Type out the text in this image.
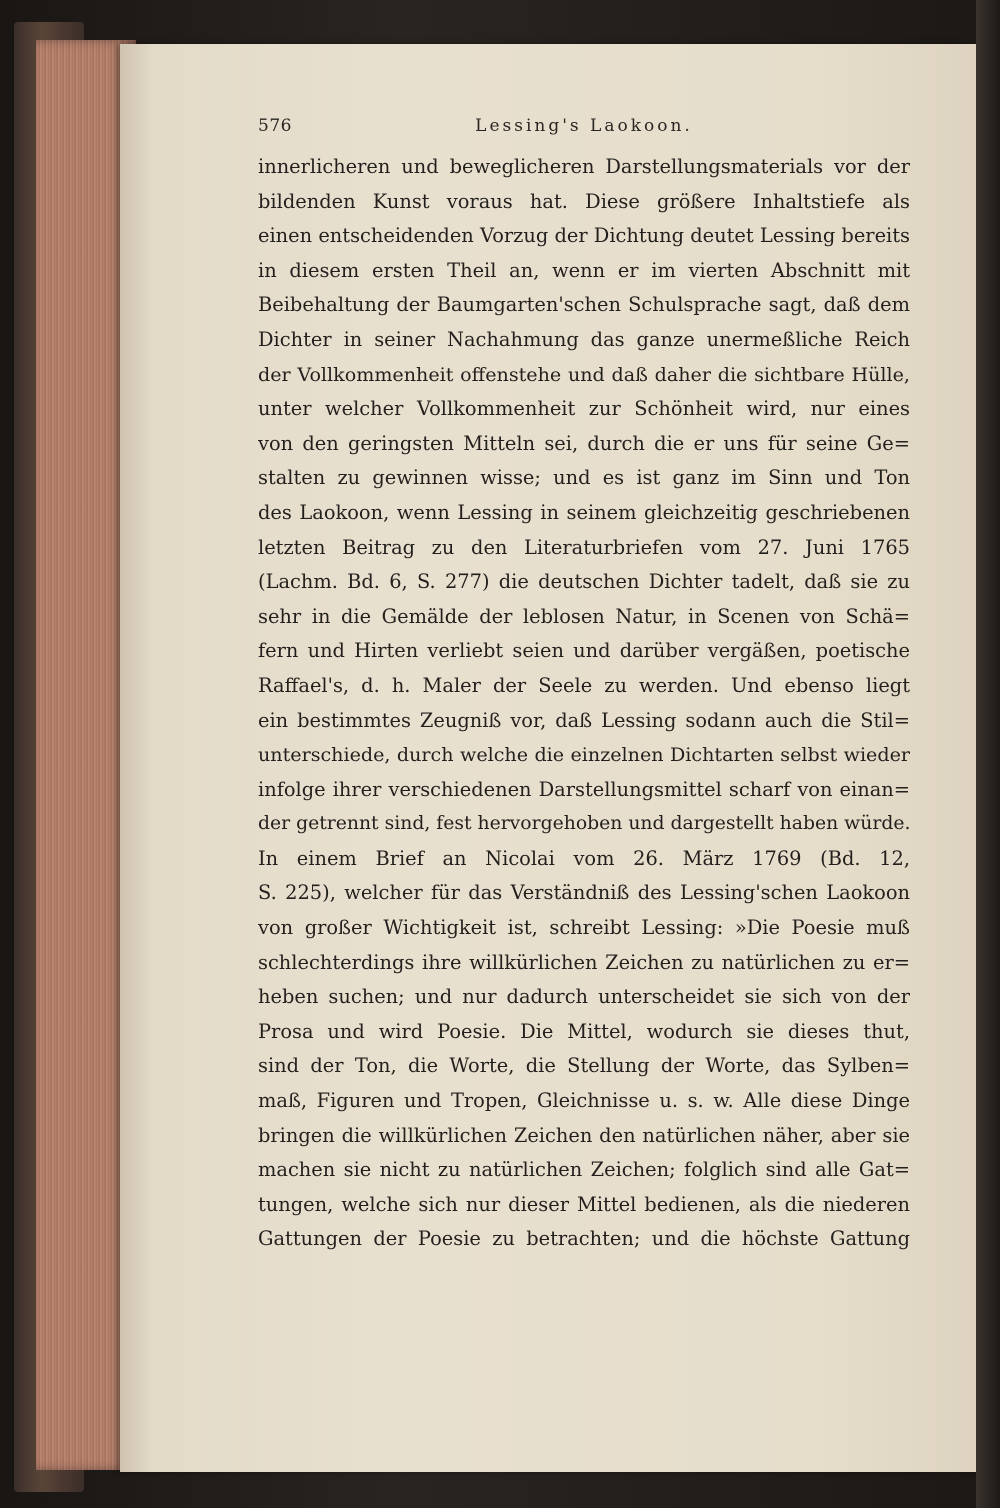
576	Lessing's Laokoon.
innerlicheren und beweglicheren Darstellungsmaterials vor der
bildenden Kunst voraus hat. Diese größere Inhaltstiefe als
einen entscheidenden Vorzug der Dichtung deutet Lessing bereits
in diesem ersten Theil an, wenn er im vierten Abschnitt mit
Beibehaltung der Baumgarten'schen Schulsprache sagt, daß dem
Dichter in seiner Nachahmung das ganze unermeßliche Reich
der Vollkommenheit offenstehe und daß daher die sichtbare Hülle,
unter welcher Vollkommenheit zur Schönheit wird, nur eines
von den geringsten Mitteln sei, durch die er uns für seine Ge=
stalten zu gewinnen wisse; und es ist ganz im Sinn und Ton
des Laokoon, wenn Lessing in seinem gleichzeitig geschriebenen
letzten Beitrag zu den Literaturbriefen vom 27. Juni 1765
(Lachm. Bd. 6, S. 277) die deutschen Dichter tadelt, daß sie zu
sehr in die Gemälde der leblosen Natur, in Scenen von Schä=
fern und Hirten verliebt seien und darüber vergäßen, poetische
Raffael's, d. h. Maler der Seele zu werden. Und ebenso liegt
ein bestimmtes Zeugniß vor, daß Lessing sodann auch die Stil=
unterschiede, durch welche die einzelnen Dichtarten selbst wieder
infolge ihrer verschiedenen Darstellungsmittel scharf von einan=
der getrennt sind, fest hervorgehoben und dargestellt haben würde.
In einem Brief an Nicolai vom 26. März 1769 (Bd. 12,
S. 225), welcher für das Verständniß des Lessing'schen Laokoon
von großer Wichtigkeit ist, schreibt Lessing: »Die Poesie muß
schlechterdings ihre willkürlichen Zeichen zu natürlichen zu er=
heben suchen; und nur dadurch unterscheidet sie sich von der
Prosa und wird Poesie. Die Mittel, wodurch sie dieses thut,
sind der Ton, die Worte, die Stellung der Worte, das Sylben=
maß, Figuren und Tropen, Gleichnisse u. s. w. Alle diese Dinge
bringen die willkürlichen Zeichen den natürlichen näher, aber sie
machen sie nicht zu natürlichen Zeichen; folglich sind alle Gat=
tungen, welche sich nur dieser Mittel bedienen, als die niederen
Gattungen der Poesie zu betrachten; und die höchste Gattung
